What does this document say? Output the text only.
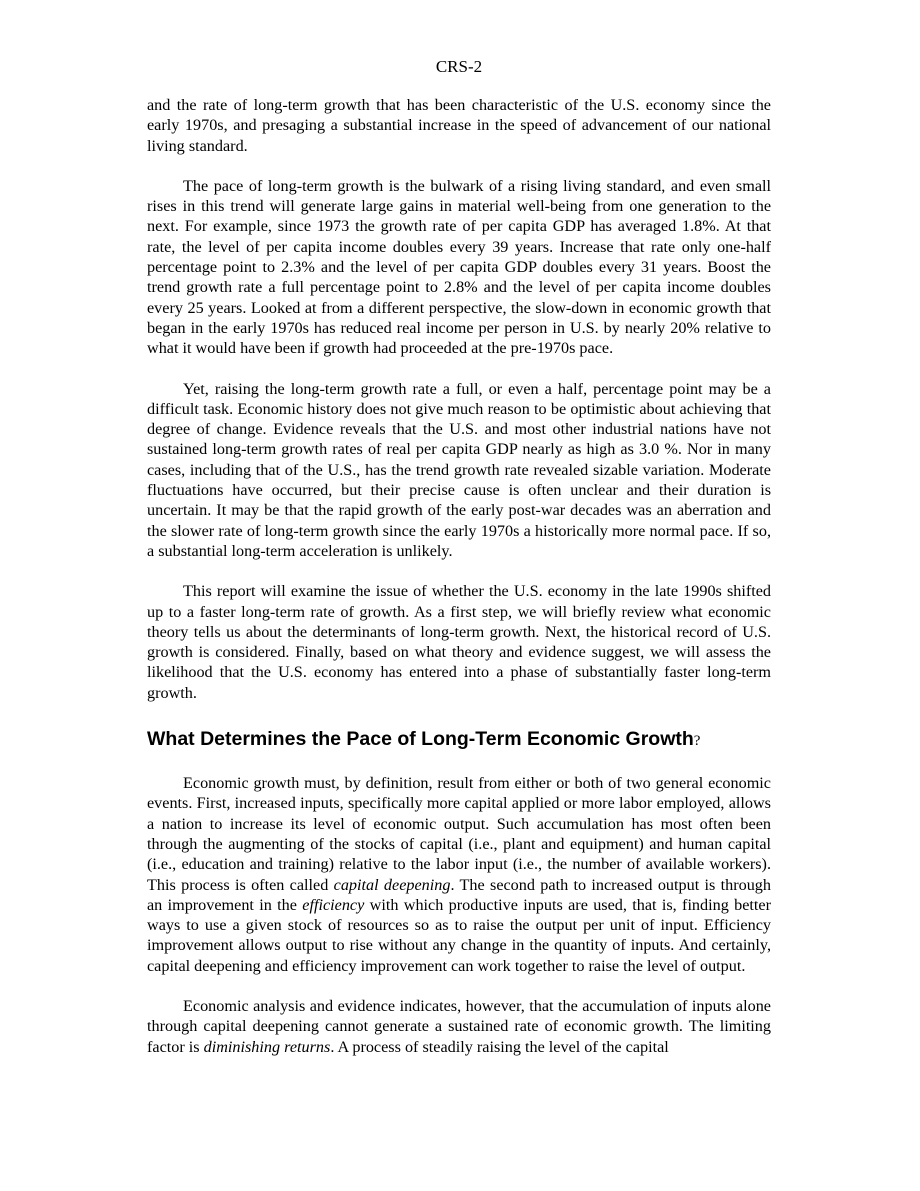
CRS-2

and the rate of long-term growth that has been characteristic of the U.S. economy since the early 1970s, and presaging a substantial increase in the speed of advancement of our national living standard.

The pace of long-term growth is the bulwark of a rising living standard, and even small rises in this trend will generate large gains in material well-being from one generation to the next. For example, since 1973 the growth rate of per capita GDP has averaged 1.8%. At that rate, the level of per capita income doubles every 39 years. Increase that rate only one-half percentage point to 2.3% and the level of per capita GDP doubles every 31 years. Boost the trend growth rate a full percentage point to 2.8% and the level of per capita income doubles every 25 years. Looked at from a different perspective, the slow-down in economic growth that began in the early 1970s has reduced real income per person in U.S. by nearly 20% relative to what it would have been if growth had proceeded at the pre-1970s pace.

Yet, raising the long-term growth rate a full, or even a half, percentage point may be a difficult task. Economic history does not give much reason to be optimistic about achieving that degree of change. Evidence reveals that the U.S. and most other industrial nations have not sustained long-term growth rates of real per capita GDP nearly as high as 3.0 %. Nor in many cases, including that of the U.S., has the trend growth rate revealed sizable variation. Moderate fluctuations have occurred, but their precise cause is often unclear and their duration is uncertain. It may be that the rapid growth of the early post-war decades was an aberration and the slower rate of long-term growth since the early 1970s a historically more normal pace. If so, a substantial long-term acceleration is unlikely.

This report will examine the issue of whether the U.S. economy in the late 1990s shifted up to a faster long-term rate of growth. As a first step, we will briefly review what economic theory tells us about the determinants of long-term growth. Next, the historical record of U.S. growth is considered. Finally, based on what theory and evidence suggest, we will assess the likelihood that the U.S. economy has entered into a phase of substantially faster long-term growth.

What Determines the Pace of Long-Term Economic Growth?

Economic growth must, by definition, result from either or both of two general economic events. First, increased inputs, specifically more capital applied or more labor employed, allows a nation to increase its level of economic output. Such accumulation has most often been through the augmenting of the stocks of capital (i.e., plant and equipment) and human capital (i.e., education and training) relative to the labor input (i.e., the number of available workers). This process is often called capital deepening. The second path to increased output is through an improvement in the efficiency with which productive inputs are used, that is, finding better ways to use a given stock of resources so as to raise the output per unit of input. Efficiency improvement allows output to rise without any change in the quantity of inputs. And certainly, capital deepening and efficiency improvement can work together to raise the level of output.

Economic analysis and evidence indicates, however, that the accumulation of inputs alone through capital deepening cannot generate a sustained rate of economic growth. The limiting factor is diminishing returns. A process of steadily raising the level of the capital
